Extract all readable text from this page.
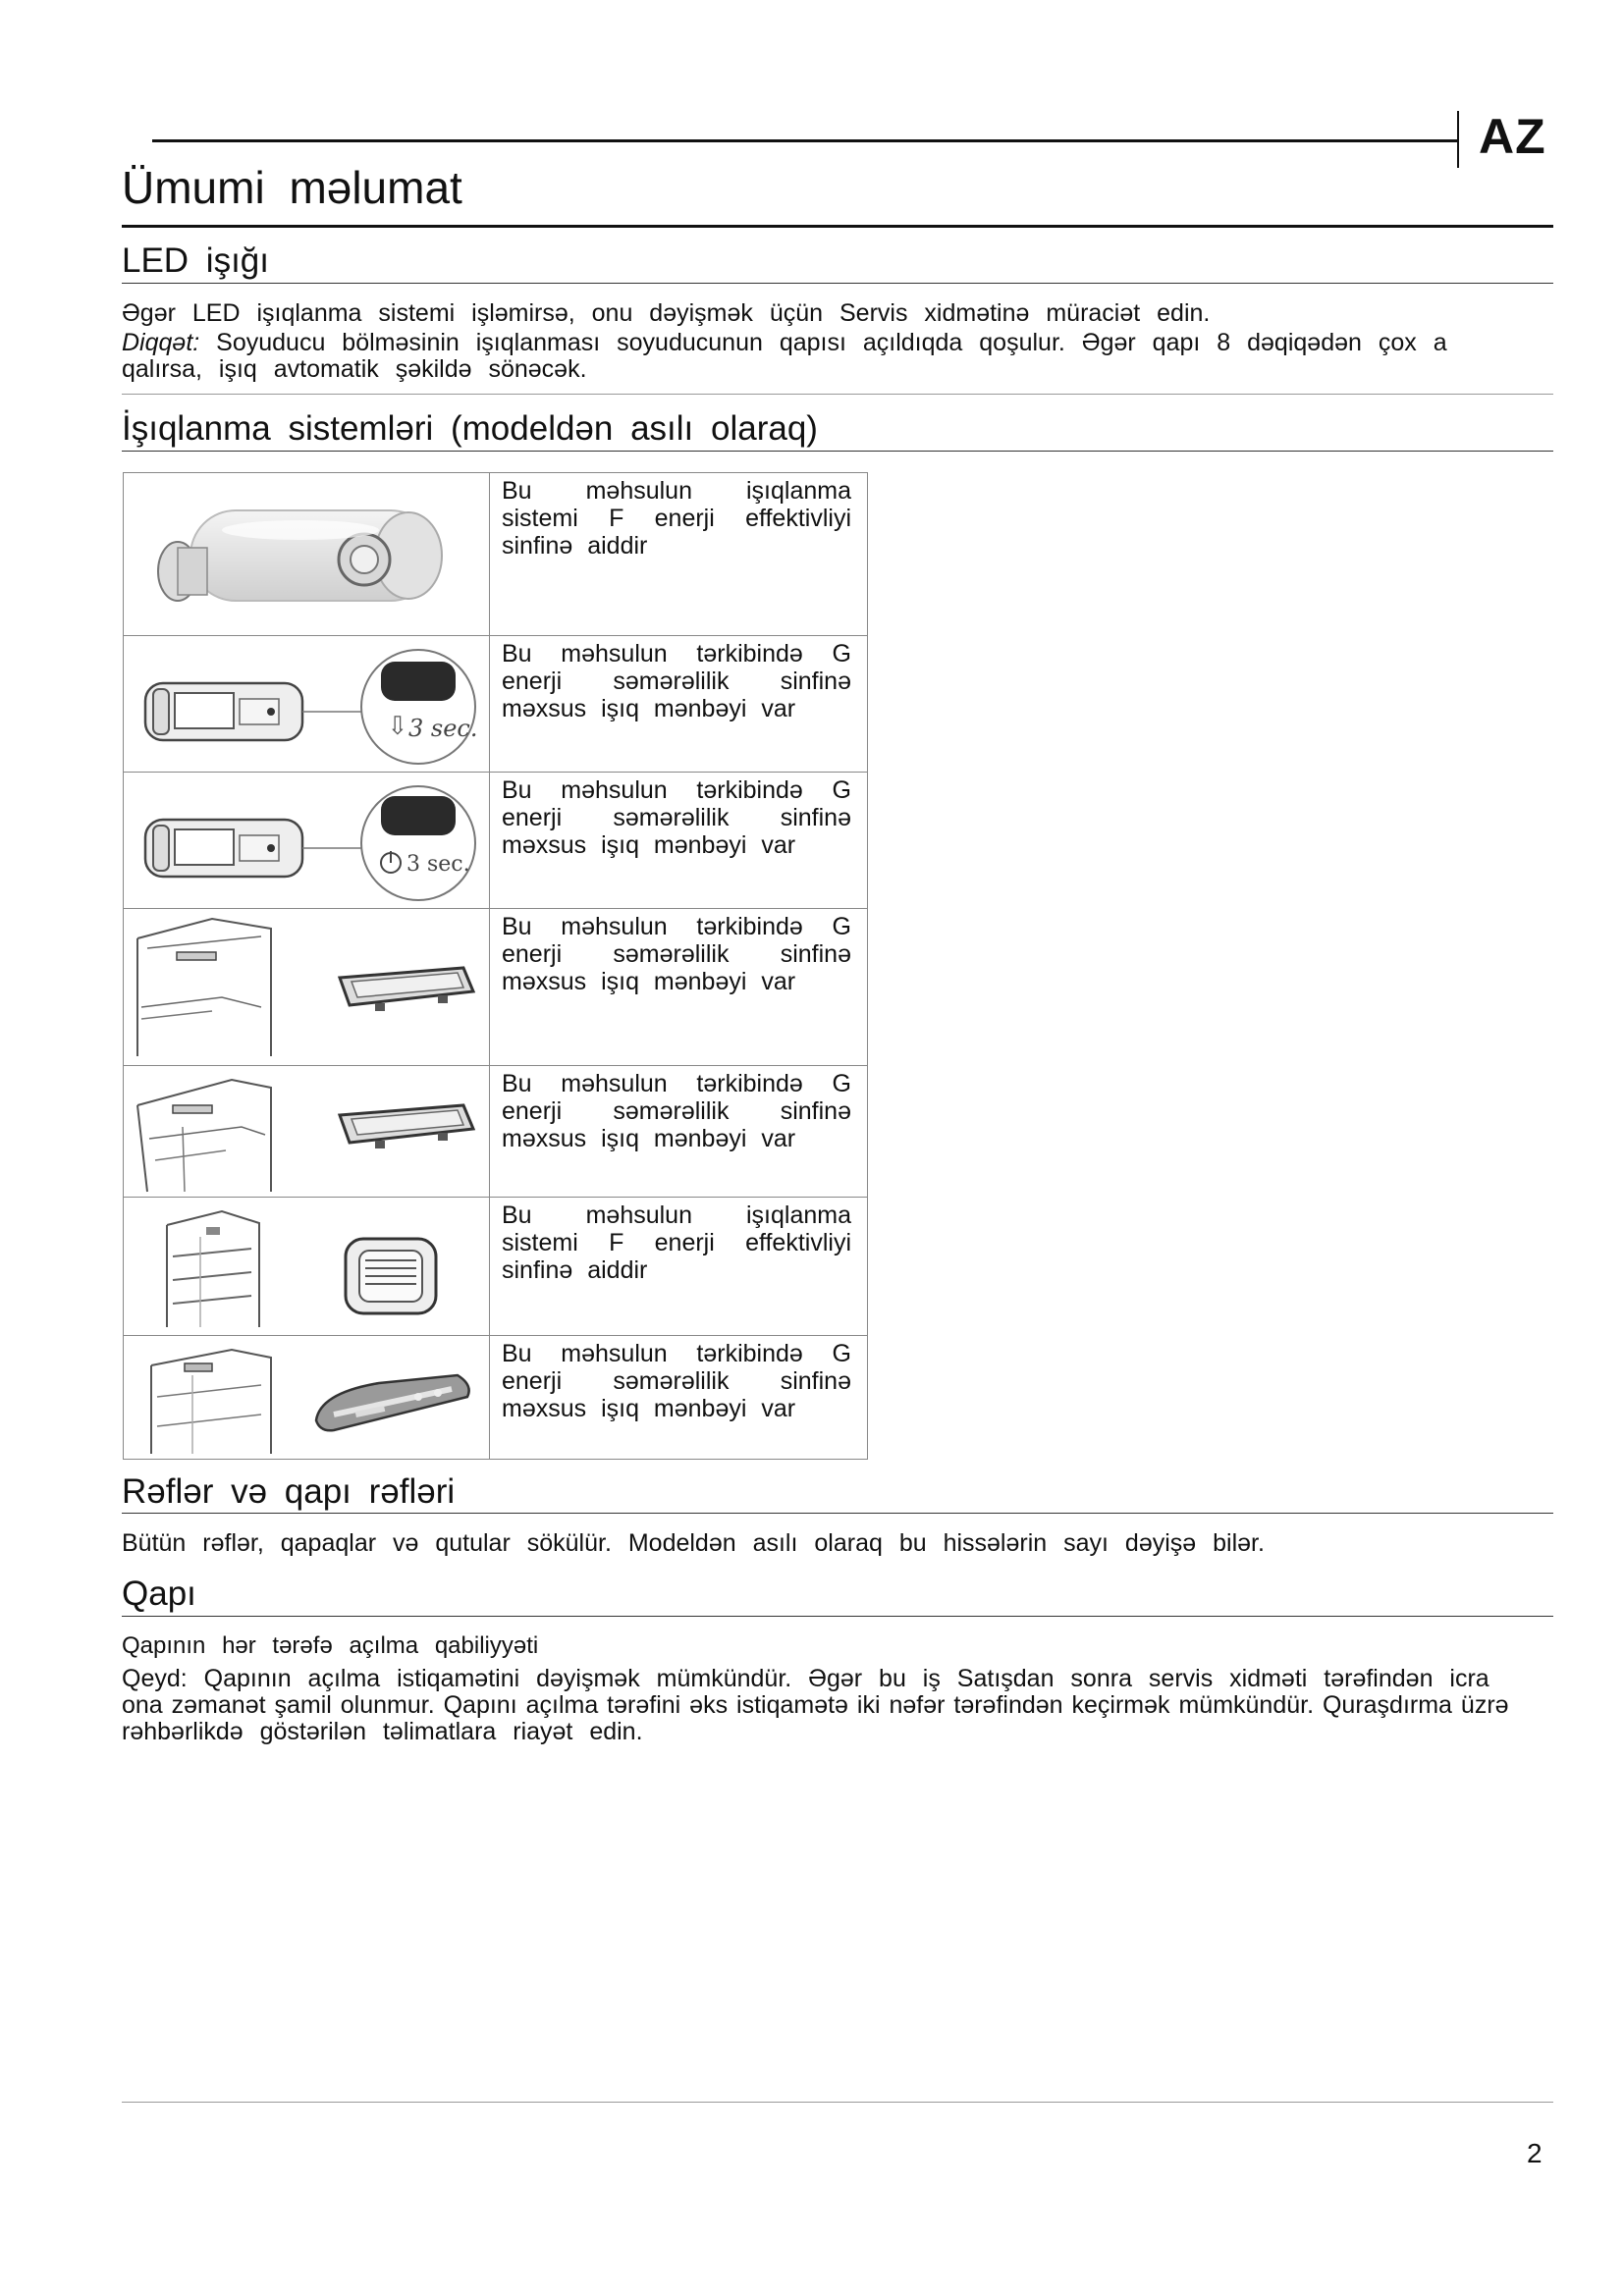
AZ
Ümumi məlumat
LED işığı
Əgər LED işıqlanma sistemi işləmirsə, onu dəyişmək üçün Servis xidmətinə müraciət edin.
Diqqət: Soyuducu bölməsinin işıqlanması soyuducunun qapısı açıldıqda qoşulur. Əgər qapı 8 dəqiqədən çox a
qalırsa, işıq avtomatik şəkildə sönəcək.
İşıqlanma sistemləri (modeldən asılı olaraq)

Bu məhsulun işıqlanma sistemi F enerji effektivliyi sinfinə aiddir

⇩ 3 sec.	Bu məhsulun tərkibində G enerji səmərəlilik sinfinə məxsus işıq mənbəyi var

3 sec.	Bu məhsulun tərkibində G enerji səmərəlilik sinfinə məxsus işıq mənbəyi var

Bu məhsulun tərkibində G enerji səmərəlilik sinfinə məxsus işıq mənbəyi var

Bu məhsulun tərkibində G enerji səmərəlilik sinfinə məxsus işıq mənbəyi var

Bu məhsulun işıqlanma sistemi F enerji effektivliyi sinfinə aiddir

Bu məhsulun tərkibində G enerji səmərəlilik sinfinə məxsus işıq mənbəyi var
Rəflər və qapı rəfləri
Bütün rəflər, qapaqlar və qutular sökülür. Modeldən asılı olaraq bu hissələrin sayı dəyişə bilər.
Qapı
Qapının hər tərəfə açılma qabiliyyəti
Qeyd: Qapının açılma istiqamətini dəyişmək mümkündür. Əgər bu iş Satışdan sonra servis xidməti tərəfindən icra
ona zəmanət şamil olunmur. Qapını açılma tərəfini əks istiqamətə iki nəfər tərəfindən keçirmək mümkündür. Quraşdırma üzrə
rəhbərlikdə göstərilən təlimatlara riayət edin.
2
